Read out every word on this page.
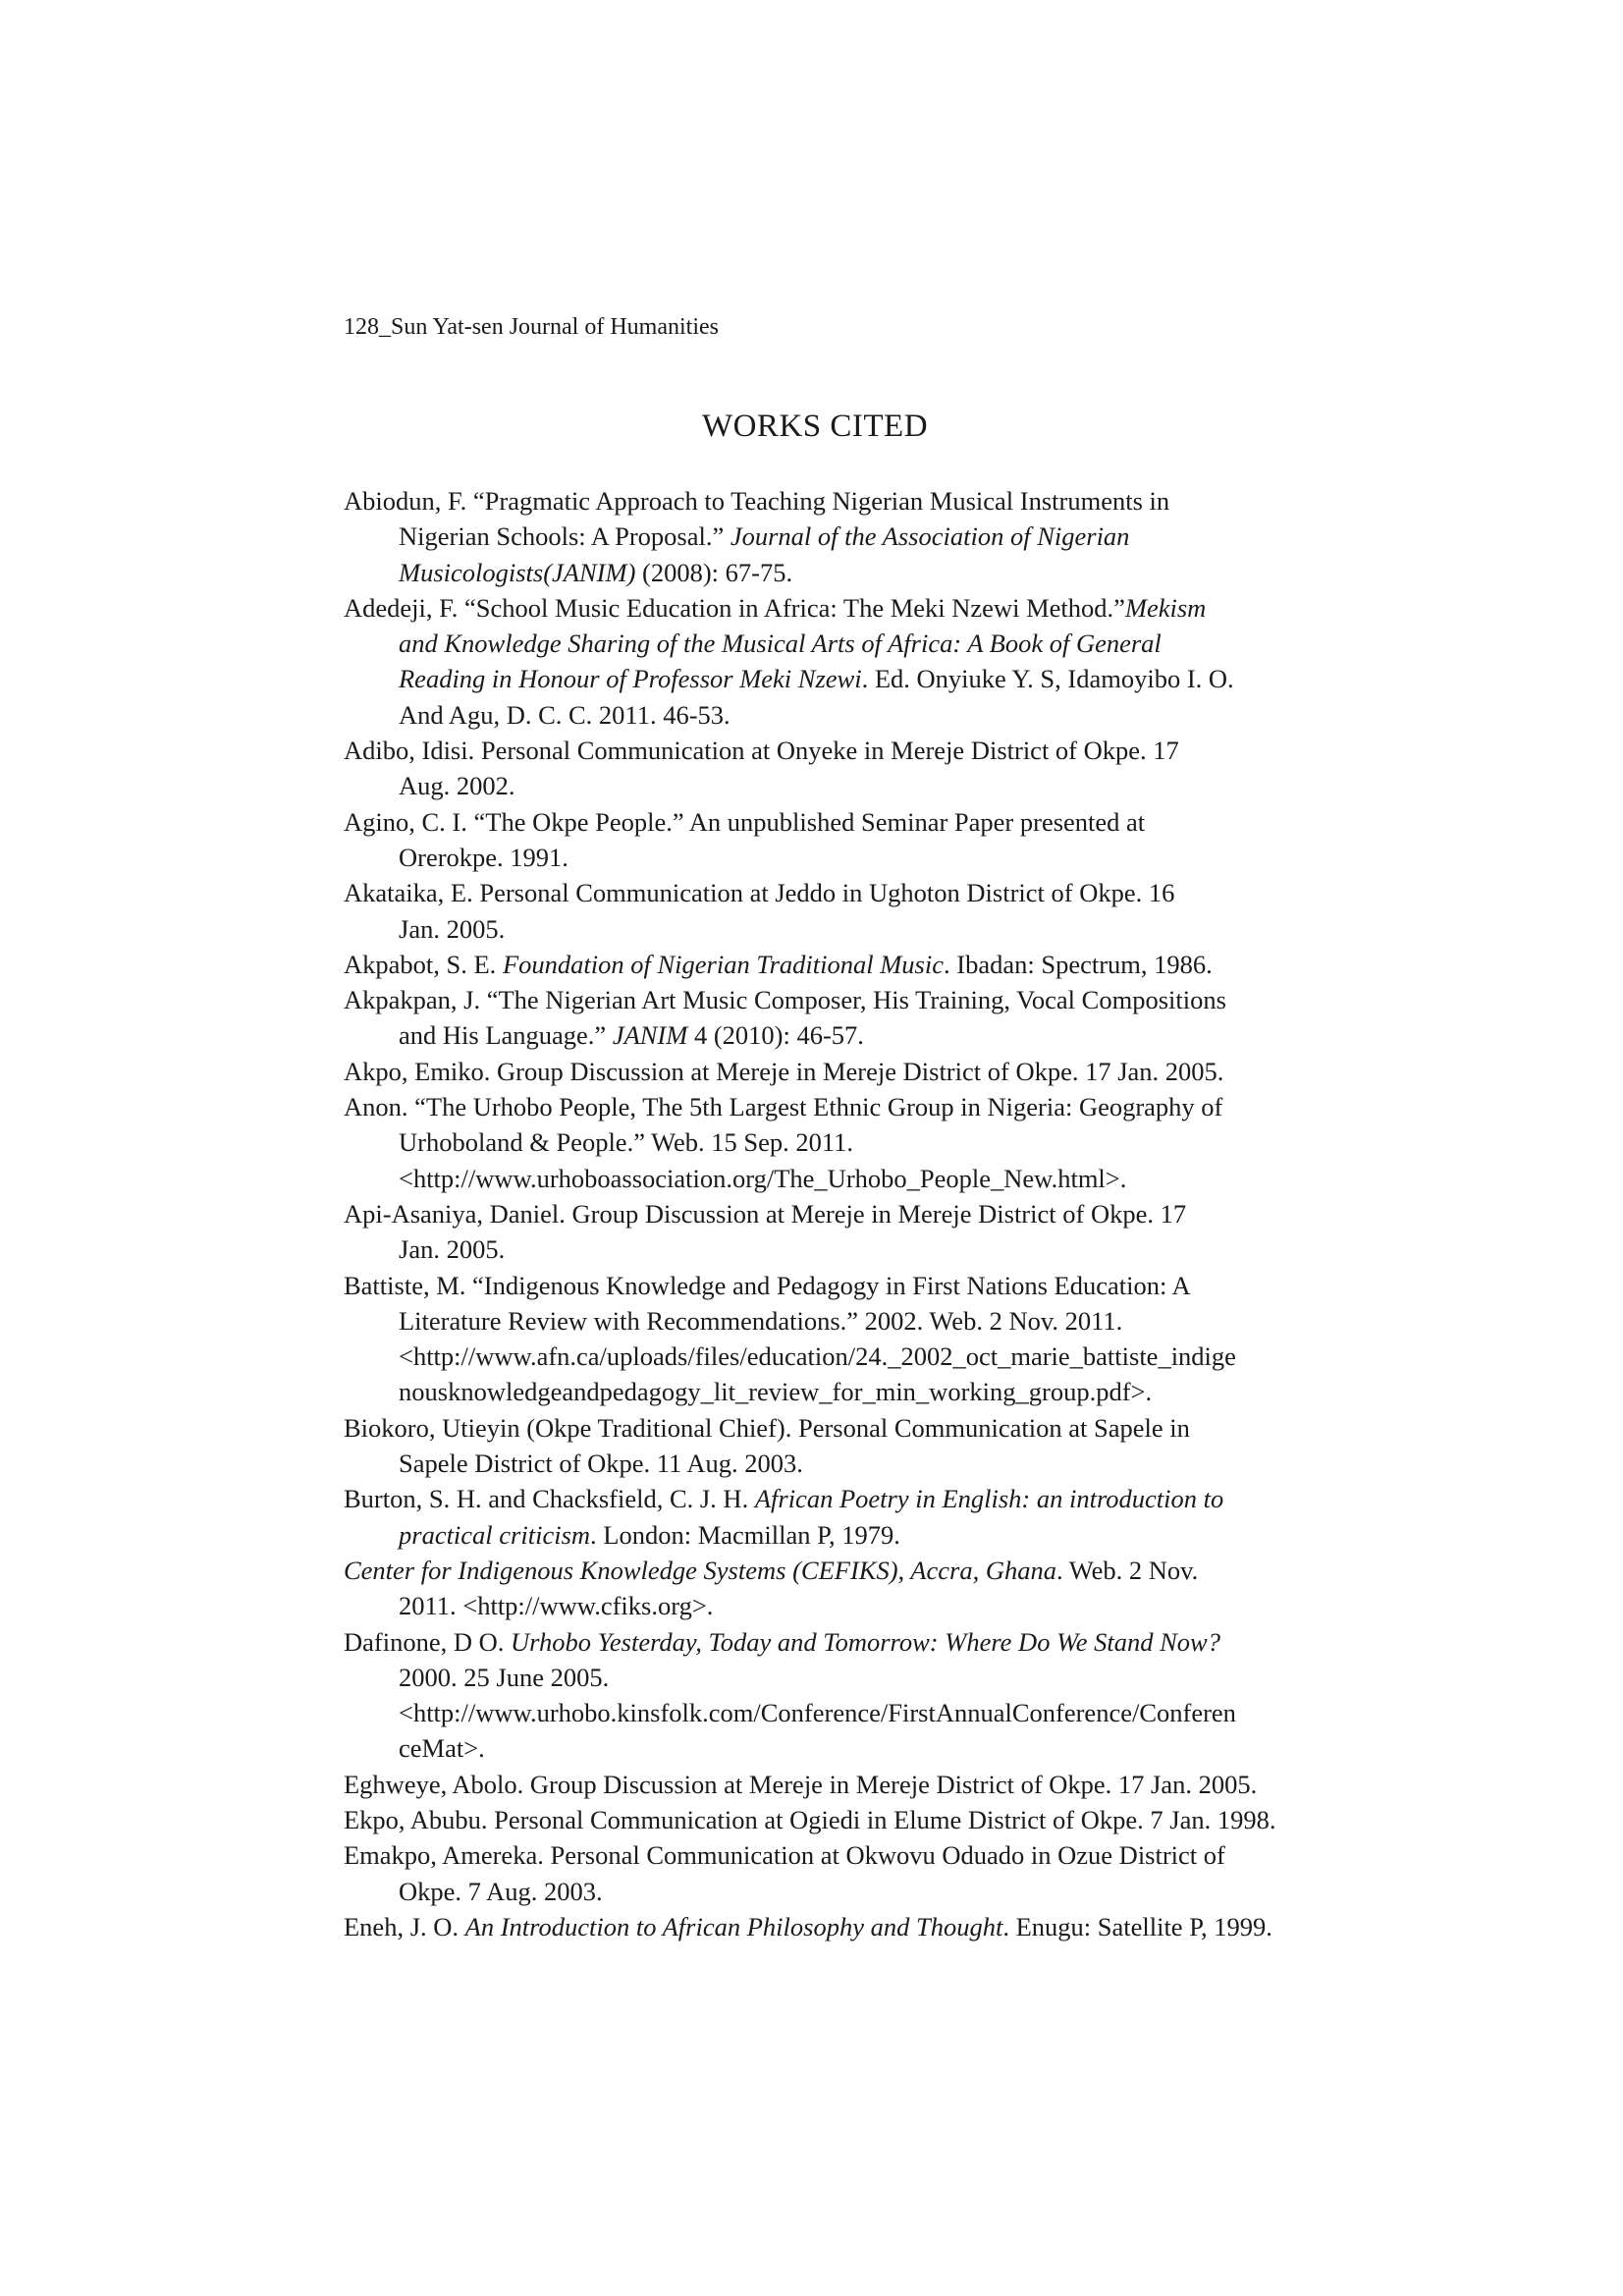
128_Sun Yat-sen Journal of Humanities
WORKS CITED
Abiodun, F. “Pragmatic Approach to Teaching Nigerian Musical Instruments in
Nigerian Schools: A Proposal.” Journal of the Association of Nigerian
Musicologists(JANIM) (2008): 67-75.
Adedeji, F. “School Music Education in Africa: The Meki Nzewi Method.”Mekism
and Knowledge Sharing of the Musical Arts of Africa: A Book of General
Reading in Honour of Professor Meki Nzewi. Ed. Onyiuke Y. S, Idamoyibo I. O.
And Agu, D. C. C. 2011. 46-53.
Adibo, Idisi. Personal Communication at Onyeke in Mereje District of Okpe. 17
Aug. 2002.
Agino, C. I. “The Okpe People.” An unpublished Seminar Paper presented at
Orerokpe. 1991.
Akataika, E. Personal Communication at Jeddo in Ughoton District of Okpe. 16
Jan. 2005.
Akpabot, S. E. Foundation of Nigerian Traditional Music. Ibadan: Spectrum, 1986.
Akpakpan, J. “The Nigerian Art Music Composer, His Training, Vocal Compositions
and His Language.” JANIM 4 (2010): 46-57.
Akpo, Emiko. Group Discussion at Mereje in Mereje District of Okpe. 17 Jan. 2005.
Anon. “The Urhobo People, The 5th Largest Ethnic Group in Nigeria: Geography of
Urhoboland & People.” Web. 15 Sep. 2011.
<http://www.urhoboassociation.org/The_Urhobo_People_New.html>.
Api-Asaniya, Daniel. Group Discussion at Mereje in Mereje District of Okpe. 17
Jan. 2005.
Battiste, M. “Indigenous Knowledge and Pedagogy in First Nations Education: A
Literature Review with Recommendations.” 2002. Web. 2 Nov. 2011.
<http://www.afn.ca/uploads/files/education/24._2002_oct_marie_battiste_indige
nousknowledgeandpedagogy_lit_review_for_min_working_group.pdf>.
Biokoro, Utieyin (Okpe Traditional Chief). Personal Communication at Sapele in
Sapele District of Okpe. 11 Aug. 2003.
Burton, S. H. and Chacksfield, C. J. H. African Poetry in English: an introduction to
practical criticism. London: Macmillan P, 1979.
Center for Indigenous Knowledge Systems (CEFIKS), Accra, Ghana. Web. 2 Nov.
2011. <http://www.cfiks.org>.
Dafinone, D O. Urhobo Yesterday, Today and Tomorrow: Where Do We Stand Now?
2000. 25 June 2005.
<http://www.urhobo.kinsfolk.com/Conference/FirstAnnualConference/Conferen
ceMat>.
Eghweye, Abolo. Group Discussion at Mereje in Mereje District of Okpe. 17 Jan. 2005.
Ekpo, Abubu. Personal Communication at Ogiedi in Elume District of Okpe. 7 Jan. 1998.
Emakpo, Amereka. Personal Communication at Okwovu Oduado in Ozue District of
Okpe. 7 Aug. 2003.
Eneh, J. O. An Introduction to African Philosophy and Thought. Enugu: Satellite P, 1999.
